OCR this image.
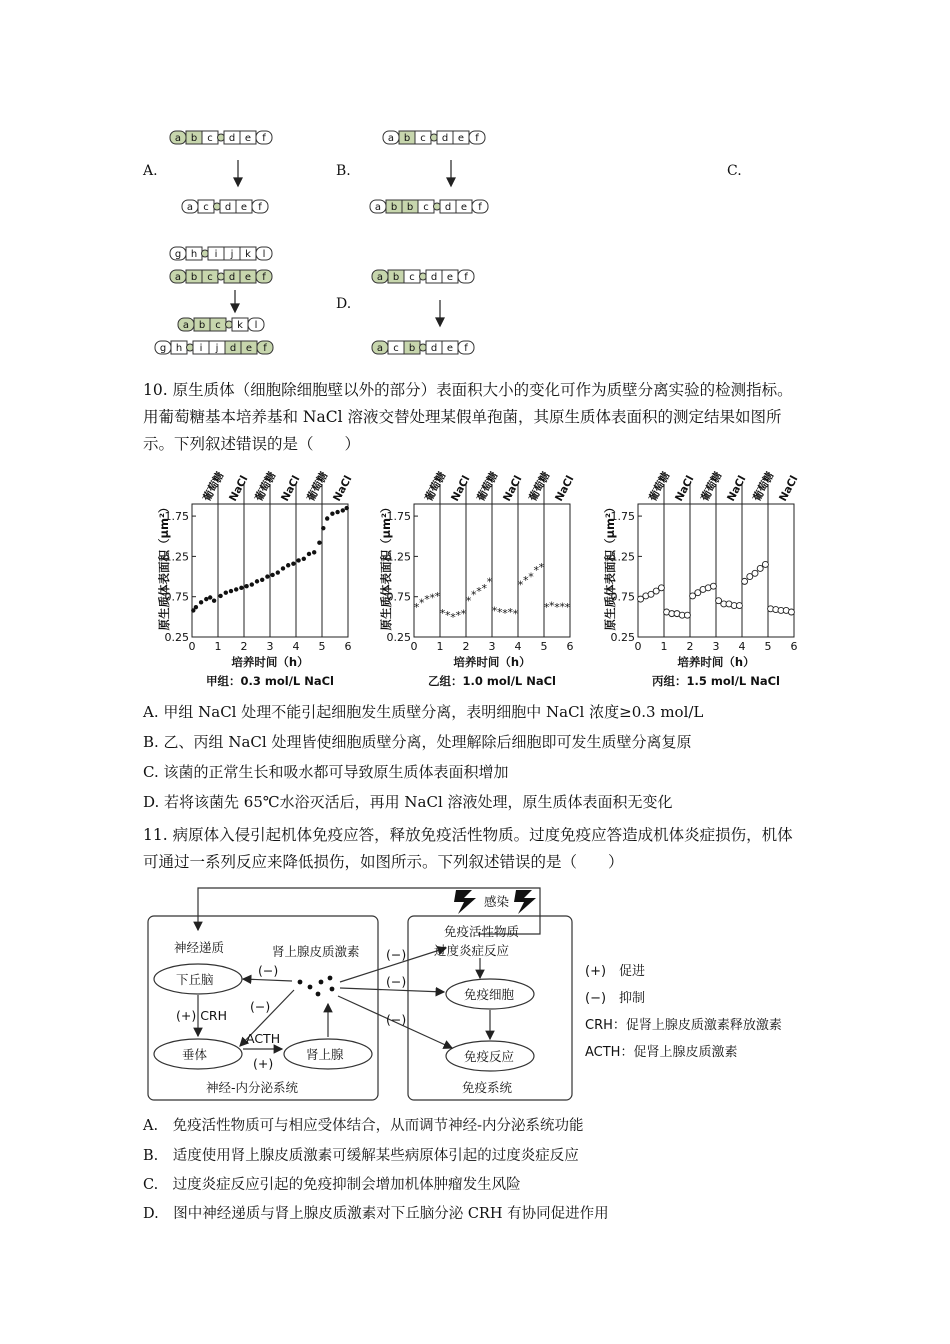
A.	B.	C.
D.
a b c d e f
a c d e f
a b c d e f
a b b c d e f
g h i j k l
a b c d e f
a b c k l
g h i j d e f
a b c d e f
a c b d e f
10. 原生质体（细胞除细胞壁以外的部分）表面积大小的变化可作为质壁分离实验的检测指标。用葡萄糖基本培养基和 NaCl 溶液交替处理某假单孢菌，其原生质体表面积的测定结果如图所示。下列叙述错误的是（　　）
葡萄糖 NaCl 葡萄糖 NaCl 葡萄糖 NaCl
1.75
1.25
0.75
0.25
0 1 2 3 4 5 6
原生质体表面积（μm²）
培养时间（h）
甲组：0.3 mol/L NaCl
葡萄糖 NaCl 葡萄糖 NaCl 葡萄糖 NaCl
1.75
1.25
0.75
0.25
0 1 2 3 4 5 6
原生质体表面积（μm²）
培养时间（h）
乙组：1.0 mol/L NaCl
* * * * *
* * * * *
* * * * *
* * * * *
* * * * *
* * * * *
葡萄糖 NaCl 葡萄糖 NaCl 葡萄糖 NaCl
1.75
1.25
0.75
0.25
0 1 2 3 4 5 6
原生质体表面积（μm²）
培养时间（h）
丙组：1.5 mol/L NaCl
A. 甲组 NaCl 处理不能引起细胞发生质壁分离，表明细胞中 NaCl 浓度≥0.3 mol/L
B. 乙、丙组 NaCl 处理皆使细胞质壁分离，处理解除后细胞即可发生质壁分离复原
C. 该菌的正常生长和吸水都可导致原生质体表面积增加
D. 若将该菌先 65℃水浴灭活后，再用 NaCl 溶液处理，原生质体表面积无变化
11. 病原体入侵引起机体免疫应答，释放免疫活性物质。过度免疫应答造成机体炎症损伤，机体可通过一系列反应来降低损伤，如图所示。下列叙述错误的是（　　）
感染
免疫活性物质
过度炎症反应
神经递质	肾上腺皮质激素
下丘脑
垂体	肾上腺
免疫细胞
免疫反应
(+) CRH
ACTH
(+)
(−)
(−)
(−)
(−)
(−)
神经-内分泌系统	免疫系统
(+)　促进
(−)　抑制
CRH：促肾上腺皮质激素释放激素
ACTH：促肾上腺皮质激素
A.　免疫活性物质可与相应受体结合，从而调节神经-内分泌系统功能
B.　适度使用肾上腺皮质激素可缓解某些病原体引起的过度炎症反应
C.　过度炎症反应引起的免疫抑制会增加机体肿瘤发生风险
D.　图中神经递质与肾上腺皮质激素对下丘脑分泌 CRH 有协同促进作用
